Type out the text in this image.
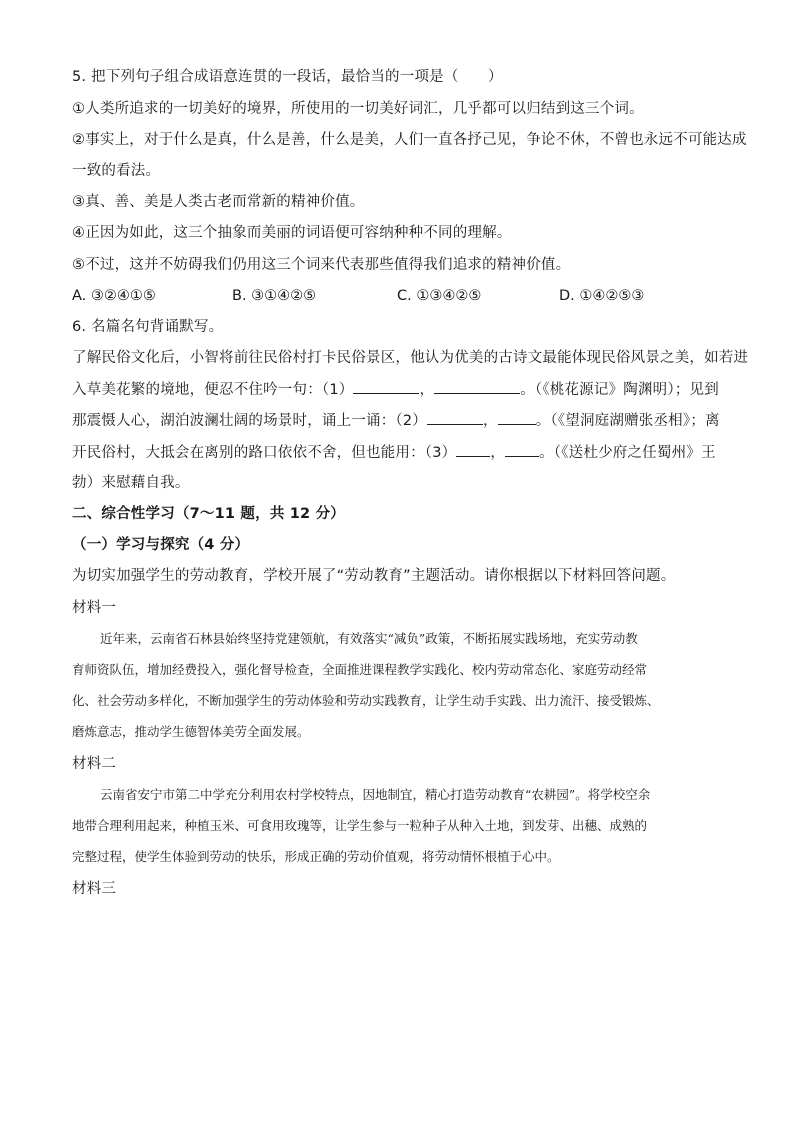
5. 把下列句子组合成语意连贯的一段话，最恰当的一项是（　　）
①人类所追求的一切美好的境界，所使用的一切美好词汇，几乎都可以归结到这三个词。
②事实上，对于什么是真，什么是善，什么是美，人们一直各抒己见，争论不休，不曾也永远不可能达成
一致的看法。
③真、善、美是人类古老而常新的精神价值。
④正因为如此，这三个抽象而美丽的词语便可容纳种种不同的理解。
⑤不过，这并不妨碍我们仍用这三个词来代表那些值得我们追求的精神价值。
A. ③②④①⑤	B. ③①④②⑤	C. ①③④②⑤	D. ①④②⑤③
6. 名篇名句背诵默写。
了解民俗文化后，小智将前往民俗村打卡民俗景区，他认为优美的古诗文最能体现民俗风景之美，如若进
入草美花繁的境地，便忍不住吟一句：（1）	，	。（《桃花源记》陶渊明）；见到
那震慑人心，湖泊波澜壮阔的场景时，诵上一诵：（2）	，	。（《望洞庭湖赠张丞相》；离
开民俗村，大抵会在离别的路口依依不舍，但也能用：（3） ， 。（《送杜少府之任蜀州》王
勃）来慰藉自我。
二、综合性学习（7～11 题，共 12 分）
（一）学习与探究（4 分）
为切实加强学生的劳动教育，学校开展了“劳动教育”主题活动。请你根据以下材料回答问题。
材料一
近年来，云南省石林县始终坚持党建领航，有效落实“减负”政策，不断拓展实践场地，充实劳动教
育师资队伍，增加经费投入，强化督导检查，全面推进课程教学实践化、校内劳动常态化、家庭劳动经常
化、社会劳动多样化，不断加强学生的劳动体验和劳动实践教育，让学生动手实践、出力流汗、接受锻炼、
磨炼意志，推动学生德智体美劳全面发展。
材料二
云南省安宁市第二中学充分利用农村学校特点，因地制宜，精心打造劳动教育“农耕园”。将学校空余
地带合理利用起来，种植玉米、可食用玫瑰等，让学生参与一粒种子从种入土地，到发芽、出穗、成熟的
完整过程，使学生体验到劳动的快乐，形成正确的劳动价值观，将劳动情怀根植于心中。
材料三
